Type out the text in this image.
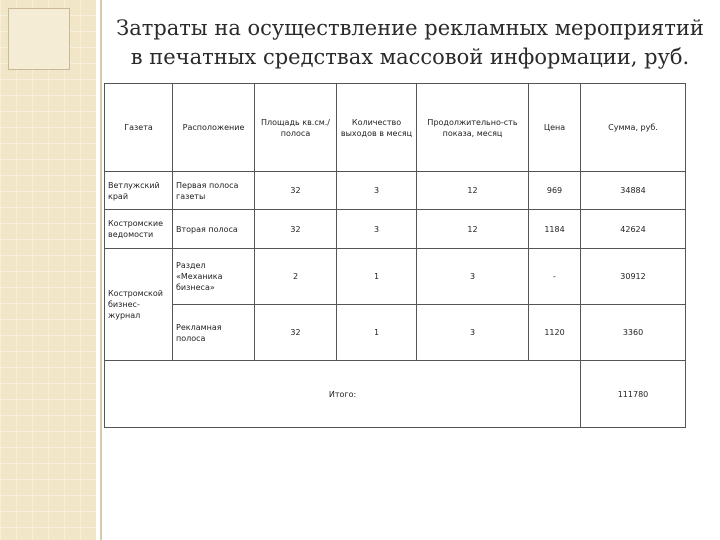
Затраты на осуществление рекламных мероприятий в печатных средствах массовой информации, руб.
Газета	Расположение	Площадь кв.см./полоса	Количество выходов в месяц	Продолжительно-сть показа, месяц	Цена	Сумма, руб.
Ветлужский край	Первая полоса газеты	32	3	12	969	34884
Костромские ведомости	Вторая полоса	32	3	12	1184	42624
Костромской бизнес-журнал	Раздел «Механика бизнеса»	2	1	3	-	30912
	Рекламная полоса	32	1	3	1120	3360
Итого:						111780
